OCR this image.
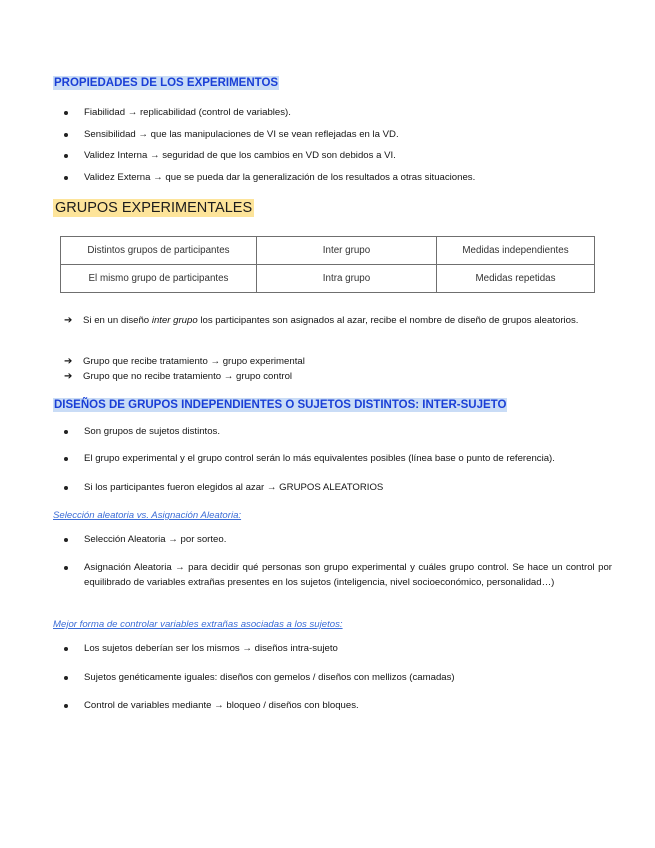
PROPIEDADES DE LOS EXPERIMENTOS
Fiabilidad → replicabilidad (control de variables).
Sensibilidad → que las manipulaciones de VI se vean reflejadas en la VD.
Validez Interna → seguridad de que los cambios en VD son debidos a VI.
Validez Externa → que se pueda dar la generalización de los resultados a otras situaciones.
GRUPOS EXPERIMENTALES
Distintos grupos de participantes	Inter grupo	Medidas independientes
El mismo grupo de participantes	Intra grupo	Medidas repetidas
➔ Si en un diseño inter grupo los participantes son asignados al azar, recibe el nombre de diseño de grupos aleatorios.
➔ Grupo que recibe tratamiento → grupo experimental
➔ Grupo que no recibe tratamiento → grupo control
DISEÑOS DE GRUPOS INDEPENDIENTES O SUJETOS DISTINTOS: INTER-SUJETO
Son grupos de sujetos distintos.
El grupo experimental y el grupo control serán lo más equivalentes posibles (línea base o punto de referencia).
Si los participantes fueron elegidos al azar → GRUPOS ALEATORIOS

Selección aleatoria vs. Asignación Aleatoria:

Selección Aleatoria → por sorteo.
Asignación Aleatoria → para decidir qué personas son grupo experimental y cuáles grupo control. Se hace un control por equilibrado de variables extrañas presentes en los sujetos (inteligencia, nivel socioeconómico, personalidad…)

Mejor forma de controlar variables extrañas asociadas a los sujetos:

Los sujetos deberían ser los mismos → diseños intra-sujeto
Sujetos genéticamente iguales: diseños con gemelos / diseños con mellizos (camadas)
Control de variables mediante → bloqueo / diseños con bloques.
